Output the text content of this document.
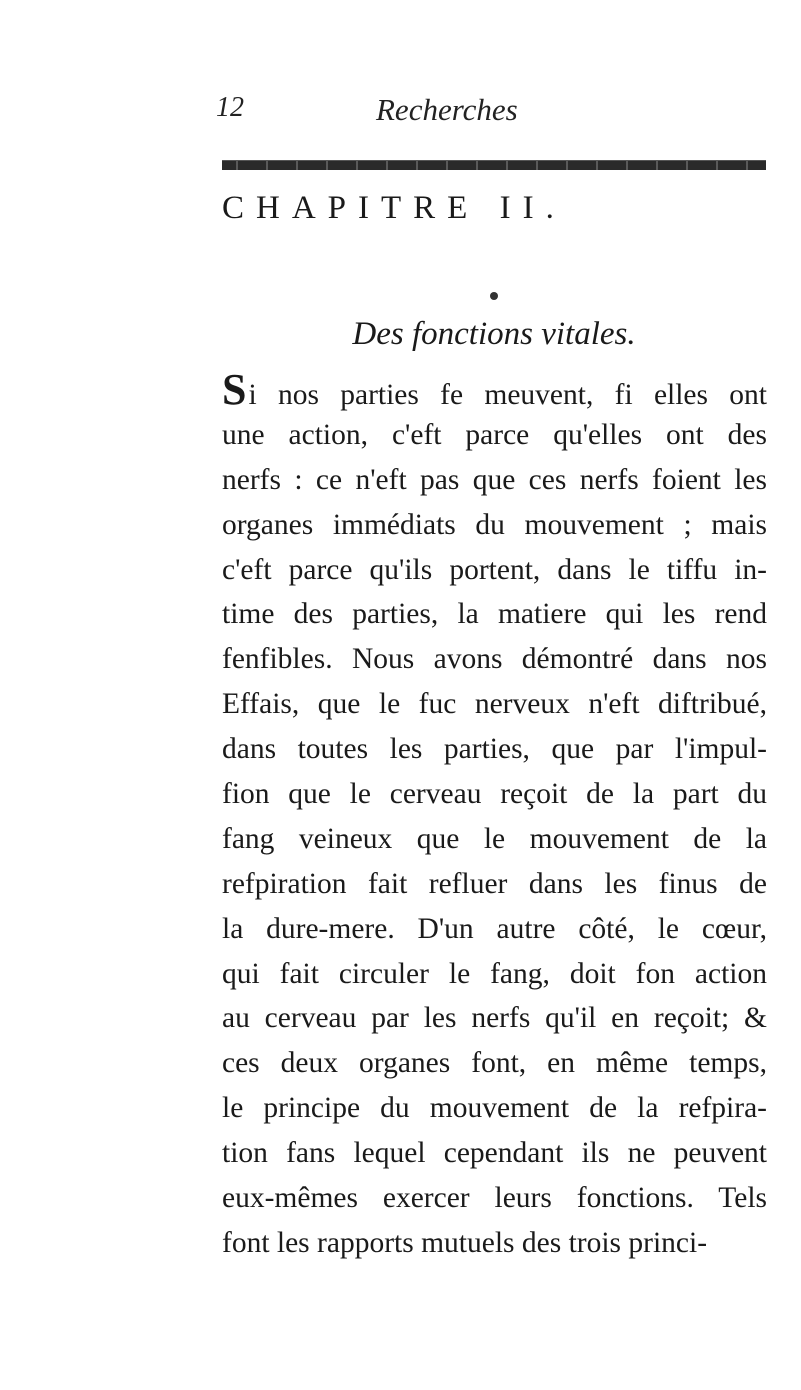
12	Recherches
CHAPITRE II.
Des fonctions vitales.
Si nos parties fe meuvent, fi elles ont
une action, c'eft parce qu'elles ont des
nerfs : ce n'eft pas que ces nerfs foient les
organes immédiats du mouvement ; mais
c'eft parce qu'ils portent, dans le tiffu in-
time des parties, la matiere qui les rend
fenfibles. Nous avons démontré dans nos
Effais, que le fuc nerveux n'eft diftribué,
dans toutes les parties, que par l'impul-
fion que le cerveau reçoit de la part du
fang veineux que le mouvement de la
refpiration fait refluer dans les finus de
la dure-mere. D'un autre côté, le cœur,
qui fait circuler le fang, doit fon action
au cerveau par les nerfs qu'il en reçoit; &
ces deux organes font, en même temps,
le principe du mouvement de la refpira-
tion fans lequel cependant ils ne peuvent
eux-mêmes exercer leurs fonctions. Tels
font les rapports mutuels des trois princi-
